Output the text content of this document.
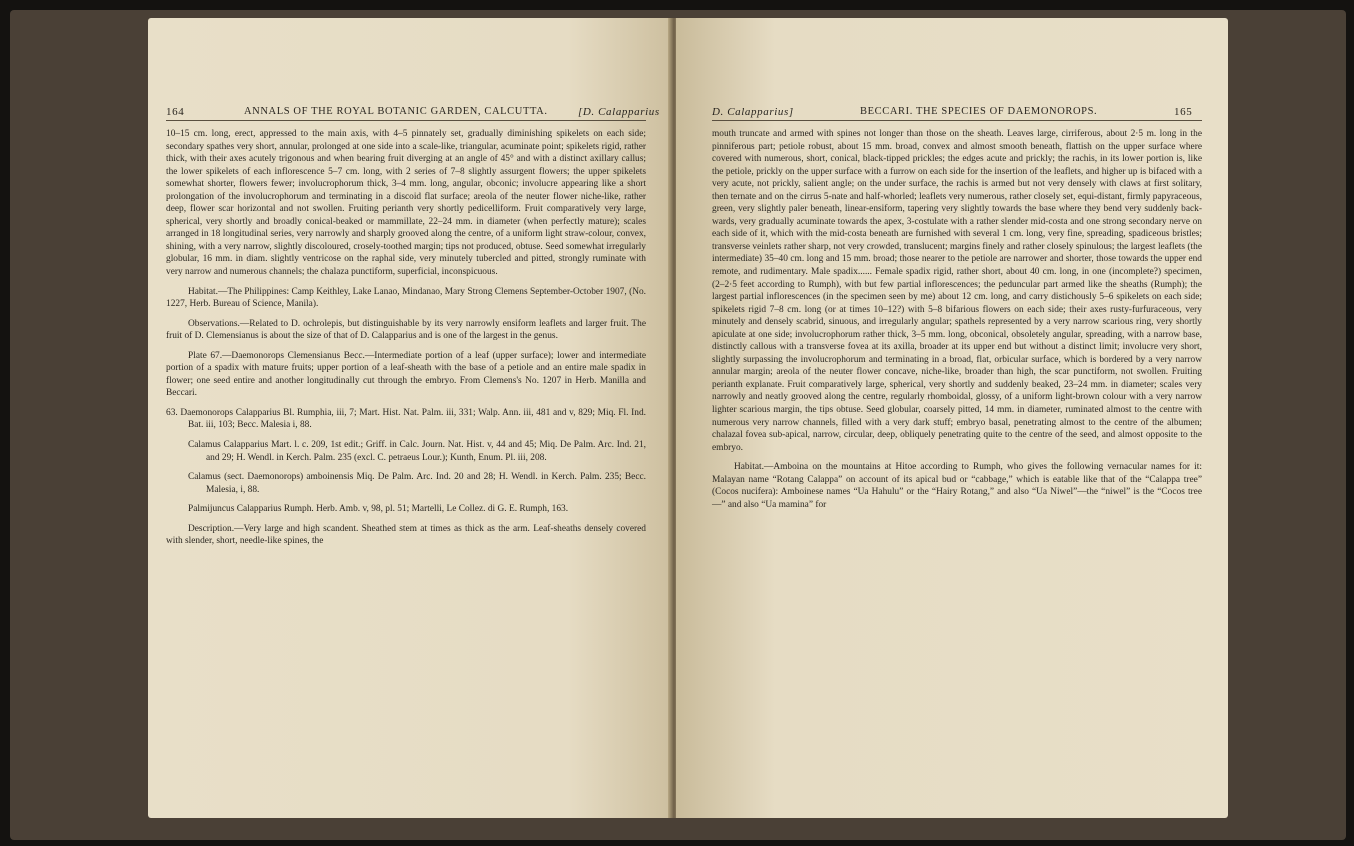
164	ANNALS OF THE ROYAL BOTANIC GARDEN, CALCUTTA.	[D. Calapparius

10–15 cm. long, erect, appressed to the main axis, with 4–5 pinnately set, gradually diminishing spikelets on each side; secondary spathes very short, annular, prolonged at one side into a scale-like, triangular, acuminate point; spikelets rigid, rather thick, with their axes acutely trigonous and when bearing fruit diverging at an angle of 45° and with a distinct axillary callus; the lower spikelets of each inflorescence 5–7 cm. long, with 2 series of 7–8 slightly assurgent flowers; the upper spikelets somewhat shorter, flowers fewer; involucrophorum thick, 3–4 mm. long, angular, obconic; involucre appearing like a short prolongation of the involucrophorum and terminating in a discoid flat surface; areola of the neuter flower niche-like, rather deep, flower scar horizontal and not swollen. Fruiting perianth very shortly pedicelliform. Fruit comparatively very large, spherical, very shortly and broadly conical-beaked or mammillate, 22–24 mm. in diameter (when perfectly mature); scales arranged in 18 longitudinal series, very narrowly and sharply grooved along the centre, of a uniform light straw-colour, convex, shining, with a very narrow, slightly discoloured, crosely-toothed margin; tips not produced, obtuse. Seed somewhat irregularly globular, 16 mm. in diam. slightly ventricose on the raphal side, very minutely tubercled and pitted, strongly ruminate with very narrow and numerous channels; the chalaza punctiform, superficial, inconspicuous.

Habitat.—The Philippines: Camp Keithley, Lake Lanao, Mindanao, Mary Strong Clemens September-October 1907, (No. 1227, Herb. Bureau of Science, Manila).

Observations.—Related to D. ochrolepis, but distinguishable by its very narrowly ensiform leaflets and larger fruit. The fruit of D. Clemensianus is about the size of that of D. Calapparius and is one of the largest in the genus.

Plate 67.—Daemonorops Clemensianus Becc.—Intermediate portion of a leaf (upper surface); lower and intermediate portion of a spadix with mature fruits; upper portion of a leaf-sheath with the base of a petiole and an entire male spadix in flower; one seed entire and another longitudinally cut through the embryo. From Clemens's No. 1207 in Herb. Manilla and Beccari.

63. Daemonorops Calapparius Bl. Rumphia, iii, 7; Mart. Hist. Nat. Palm. iii, 331; Walp. Ann. iii, 481 and v, 829; Miq. Fl. Ind. Bat. iii, 103; Becc. Malesia i, 88.

Calamus Calapparius Mart. l. c. 209, 1st edit.; Griff. in Calc. Journ. Nat. Hist. v, 44 and 45; Miq. De Palm. Arc. Ind. 21, and 29; H. Wendl. in Kerch. Palm. 235 (excl. C. petraeus Lour.); Kunth, Enum. Pl. iii, 208.

Calamus (sect. Daemonorops) amboinensis Miq. De Palm. Arc. Ind. 20 and 28; H. Wendl. in Kerch. Palm. 235; Becc. Malesia, i, 88.

Palmijuncus Calapparius Rumph. Herb. Amb. v, 98, pl. 51; Martelli, Le Collez. di G. E. Rumph, 163.

Description.—Very large and high scandent. Sheathed stem at times as thick as the arm. Leaf-sheaths densely covered with slender, short, needle-like spines, the

D. Calapparius]	BECCARI. THE SPECIES OF DAEMONOROPS.	165

mouth truncate and armed with spines not longer than those on the sheath. Leaves large, cirriferous, about 2·5 m. long in the pinniferous part; petiole robust, about 15 mm. broad, convex and almost smooth beneath, flattish on the upper surface where covered with numerous, short, conical, black-tipped prickles; the edges acute and prickly; the rachis, in its lower portion is, like the petiole, prickly on the upper surface with a furrow on each side for the insertion of the leaflets, and higher up is bifaced with a very acute, not prickly, salient angle; on the under surface, the rachis is armed but not very densely with claws at first solitary, then ternate and on the cirrus 5-nate and half-whorled; leaflets very numerous, rather closely set, equi-distant, firmly papyraceous, green, very slightly paler beneath, linear-ensiform, tapering very slightly towards the base where they bend very suddenly back-wards, very gradually acuminate towards the apex, 3-costulate with a rather slender mid-costa and one strong secondary nerve on each side of it, which with the mid-costa beneath are furnished with several 1 cm. long, very fine, spreading, spadiceous bristles; transverse veinlets rather sharp, not very crowded, translucent; margins finely and rather closely spinulous; the largest leaflets (the intermediate) 35–40 cm. long and 15 mm. broad; those nearer to the petiole are narrower and shorter, those towards the upper end remote, and rudimentary. Male spadix...... Female spadix rigid, rather short, about 40 cm. long, in one (incomplete?) specimen, (2–2·5 feet according to Rumph), with but few partial inflorescences; the peduncular part armed like the sheaths (Rumph); the largest partial inflorescences (in the specimen seen by me) about 12 cm. long, and carry distichously 5–6 spikelets on each side; spikelets rigid 7–8 cm. long (or at times 10–12?) with 5–8 bifarious flowers on each side; their axes rusty-furfuraceous, very minutely and densely scabrid, sinuous, and irregularly angular; spathels represented by a very narrow scarious ring, very shortly apiculate at one side; involucrophorum rather thick, 3–5 mm. long, obconical, obsoletely angular, spreading, with a narrow base, distinctly callous with a transverse fovea at its axilla, broader at its upper end but without a distinct limit; involucre very short, slightly surpassing the involucrophorum and terminating in a broad, flat, orbicular surface, which is bordered by a very narrow annular margin; areola of the neuter flower concave, niche-like, broader than high, the scar punctiform, not swollen. Fruiting perianth explanate. Fruit comparatively large, spherical, very shortly and suddenly beaked, 23–24 mm. in diameter; scales very narrowly and neatly grooved along the centre, regularly rhomboidal, glossy, of a uniform light-brown colour with a very narrow lighter scarious margin, the tips obtuse. Seed globular, coarsely pitted, 14 mm. in diameter, ruminated almost to the centre with numerous very narrow channels, filled with a very dark stuff; embryo basal, penetrating almost to the centre of the albumen; chalazal fovea sub-apical, narrow, circular, deep, obliquely penetrating quite to the centre of the seed, and almost opposite to the embryo.

Habitat.—Amboina on the mountains at Hitoe according to Rumph, who gives the following vernacular names for it: Malayan name “Rotang Calappa” on account of its apical bud or “cabbage,” which is eatable like that of the “Calappa tree” (Cocos nucifera): Amboinese names “Ua Hahulu” or the “Hairy Rotang,” and also “Ua Niwel”—the “niwel” is the “Cocos tree—” and also “Ua mamina” for
